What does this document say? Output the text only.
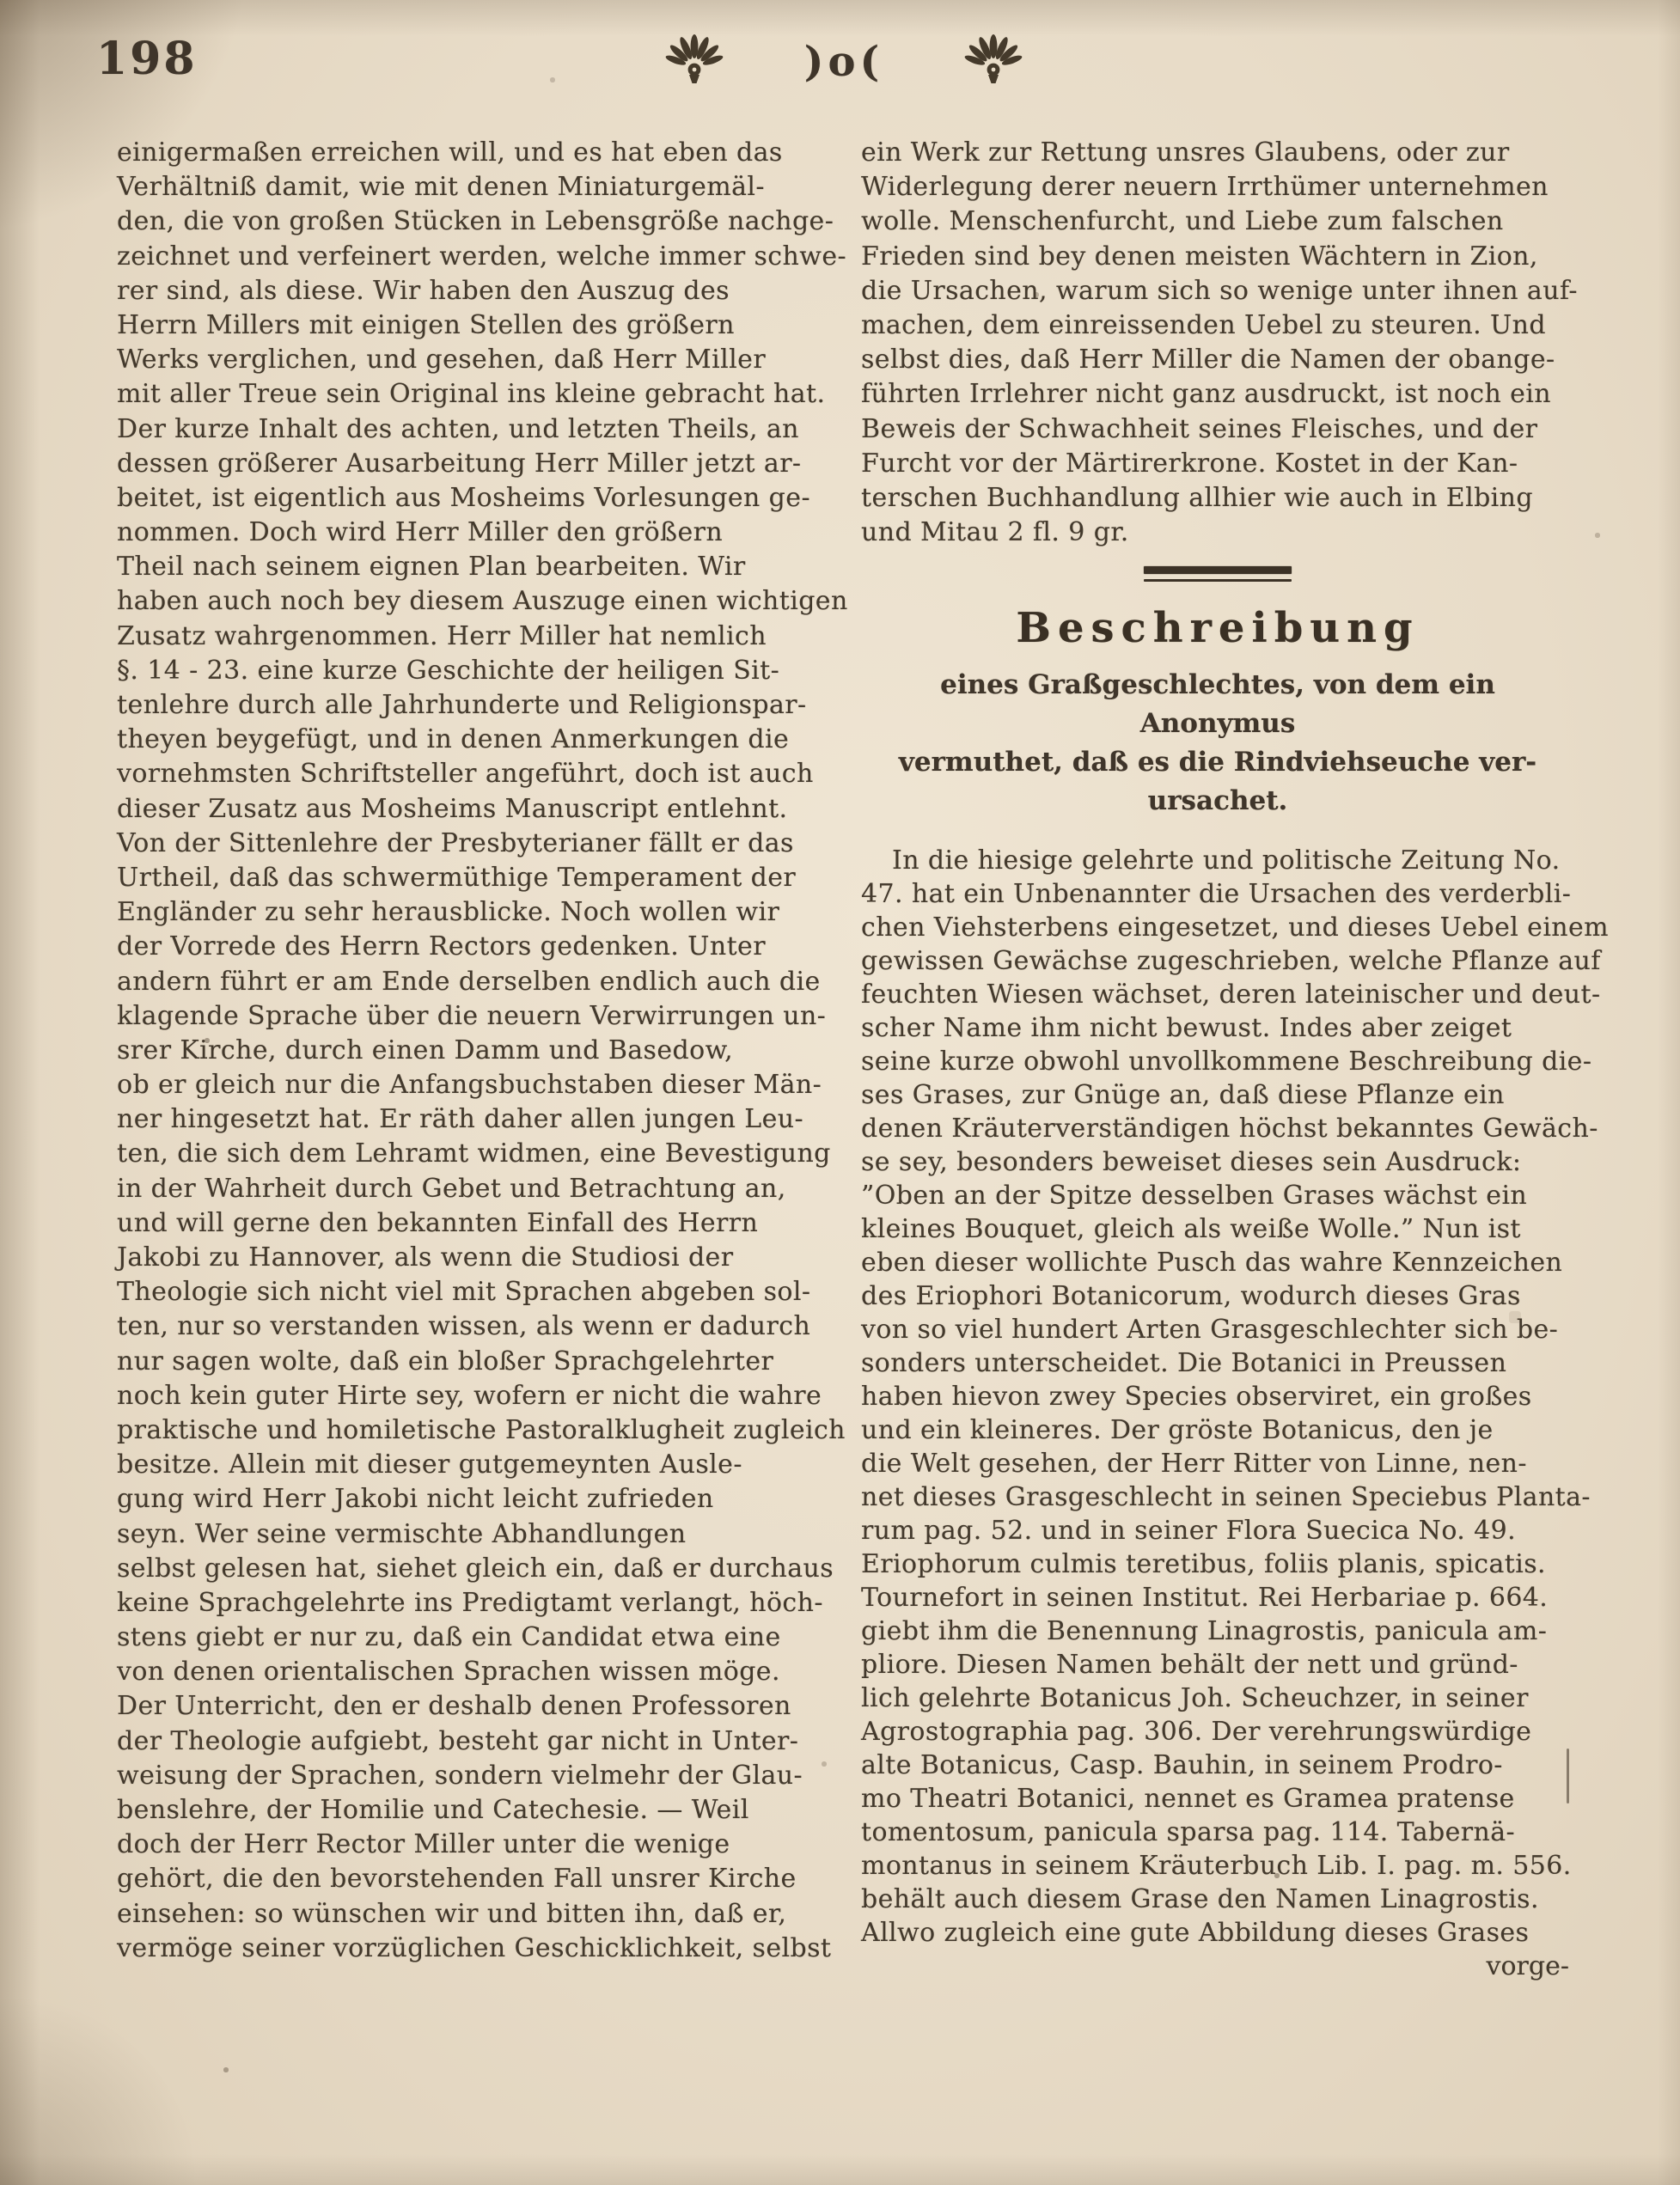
198	)o(
einigermaßen erreichen will, und es hat eben das
Verhältniß damit, wie mit denen Miniaturgemäl-
den, die von großen Stücken in Lebensgröße nachge-
zeichnet und verfeinert werden, welche immer schwe-
rer sind, als diese. Wir haben den Auszug des
Herrn Millers mit einigen Stellen des größern
Werks verglichen, und gesehen, daß Herr Miller
mit aller Treue sein Original ins kleine gebracht hat.
Der kurze Inhalt des achten, und letzten Theils, an
dessen größerer Ausarbeitung Herr Miller jetzt ar-
beitet, ist eigentlich aus Mosheims Vorlesungen ge-
nommen. Doch wird Herr Miller den größern
Theil nach seinem eignen Plan bearbeiten. Wir
haben auch noch bey diesem Auszuge einen wichtigen
Zusatz wahrgenommen. Herr Miller hat nemlich
§. 14 - 23. eine kurze Geschichte der heiligen Sit-
tenlehre durch alle Jahrhunderte und Religionspar-
theyen beygefügt, und in denen Anmerkungen die
vornehmsten Schriftsteller angeführt, doch ist auch
dieser Zusatz aus Mosheims Manuscript entlehnt.
Von der Sittenlehre der Presbyterianer fällt er das
Urtheil, daß das schwermüthige Temperament der
Engländer zu sehr herausblicke. Noch wollen wir
der Vorrede des Herrn Rectors gedenken. Unter
andern führt er am Ende derselben endlich auch die
klagende Sprache über die neuern Verwirrungen un-
srer Kirche, durch einen Damm und Basedow,
ob er gleich nur die Anfangsbuchstaben dieser Män-
ner hingesetzt hat. Er räth daher allen jungen Leu-
ten, die sich dem Lehramt widmen, eine Bevestigung
in der Wahrheit durch Gebet und Betrachtung an,
und will gerne den bekannten Einfall des Herrn
Jakobi zu Hannover, als wenn die Studiosi der
Theologie sich nicht viel mit Sprachen abgeben sol-
ten, nur so verstanden wissen, als wenn er dadurch
nur sagen wolte, daß ein bloßer Sprachgelehrter
noch kein guter Hirte sey, wofern er nicht die wahre
praktische und homiletische Pastoralklugheit zugleich
besitze. Allein mit dieser gutgemeynten Ausle-
gung wird Herr Jakobi nicht leicht zufrieden
seyn. Wer seine vermischte Abhandlungen
selbst gelesen hat, siehet gleich ein, daß er durchaus
keine Sprachgelehrte ins Predigtamt verlangt, höch-
stens giebt er nur zu, daß ein Candidat etwa eine
von denen orientalischen Sprachen wissen möge.
Der Unterricht, den er deshalb denen Professoren
der Theologie aufgiebt, besteht gar nicht in Unter-
weisung der Sprachen, sondern vielmehr der Glau-
benslehre, der Homilie und Catechesie. — Weil
doch der Herr Rector Miller unter die wenige
gehört, die den bevorstehenden Fall unsrer Kirche
einsehen: so wünschen wir und bitten ihn, daß er,
vermöge seiner vorzüglichen Geschicklichkeit, selbst
ein Werk zur Rettung unsres Glaubens, oder zur
Widerlegung derer neuern Irrthümer unternehmen
wolle. Menschenfurcht, und Liebe zum falschen
Frieden sind bey denen meisten Wächtern in Zion,
die Ursachen, warum sich so wenige unter ihnen auf-
machen, dem einreissenden Uebel zu steuren. Und
selbst dies, daß Herr Miller die Namen der obange-
führten Irrlehrer nicht ganz ausdruckt, ist noch ein
Beweis der Schwachheit seines Fleisches, und der
Furcht vor der Märtirerkrone. Kostet in der Kan-
terschen Buchhandlung allhier wie auch in Elbing
und Mitau 2 fl. 9 gr.
Beschreibung
eines Graßgeschlechtes, von dem ein Anonymus
vermuthet, daß es die Rindviehseuche ver-
ursachet.
In die hiesige gelehrte und politische Zeitung No.
47. hat ein Unbenannter die Ursachen des verderbli-
chen Viehsterbens eingesetzet, und dieses Uebel einem
gewissen Gewächse zugeschrieben, welche Pflanze auf
feuchten Wiesen wächset, deren lateinischer und deut-
scher Name ihm nicht bewust. Indes aber zeiget
seine kurze obwohl unvollkommene Beschreibung die-
ses Grases, zur Gnüge an, daß diese Pflanze ein
denen Kräuterverständigen höchst bekanntes Gewäch-
se sey, besonders beweiset dieses sein Ausdruck:
”Oben an der Spitze desselben Grases wächst ein
kleines Bouquet, gleich als weiße Wolle.” Nun ist
eben dieser wollichte Pusch das wahre Kennzeichen
des Eriophori Botanicorum, wodurch dieses Gras
von so viel hundert Arten Grasgeschlechter sich be-
sonders unterscheidet. Die Botanici in Preussen
haben hievon zwey Species observiret, ein großes
und ein kleineres. Der gröste Botanicus, den je
die Welt gesehen, der Herr Ritter von Linne, nen-
net dieses Grasgeschlecht in seinen Speciebus Planta-
rum pag. 52. und in seiner Flora Suecica No. 49.
Eriophorum culmis teretibus, foliis planis, spicatis.
Tournefort in seinen Institut. Rei Herbariae p. 664.
giebt ihm die Benennung Linagrostis, panicula am-
pliore. Diesen Namen behält der nett und gründ-
lich gelehrte Botanicus Joh. Scheuchzer, in seiner
Agrostographia pag. 306. Der verehrungswürdige
alte Botanicus, Casp. Bauhin, in seinem Prodro-
mo Theatri Botanici, nennet es Gramea pratense
tomentosum, panicula sparsa pag. 114. Tabernä-
montanus in seinem Kräuterbuch Lib. I. pag. m. 556.
behält auch diesem Grase den Namen Linagrostis.
Allwo zugleich eine gute Abbildung dieses Grases
vorge-
